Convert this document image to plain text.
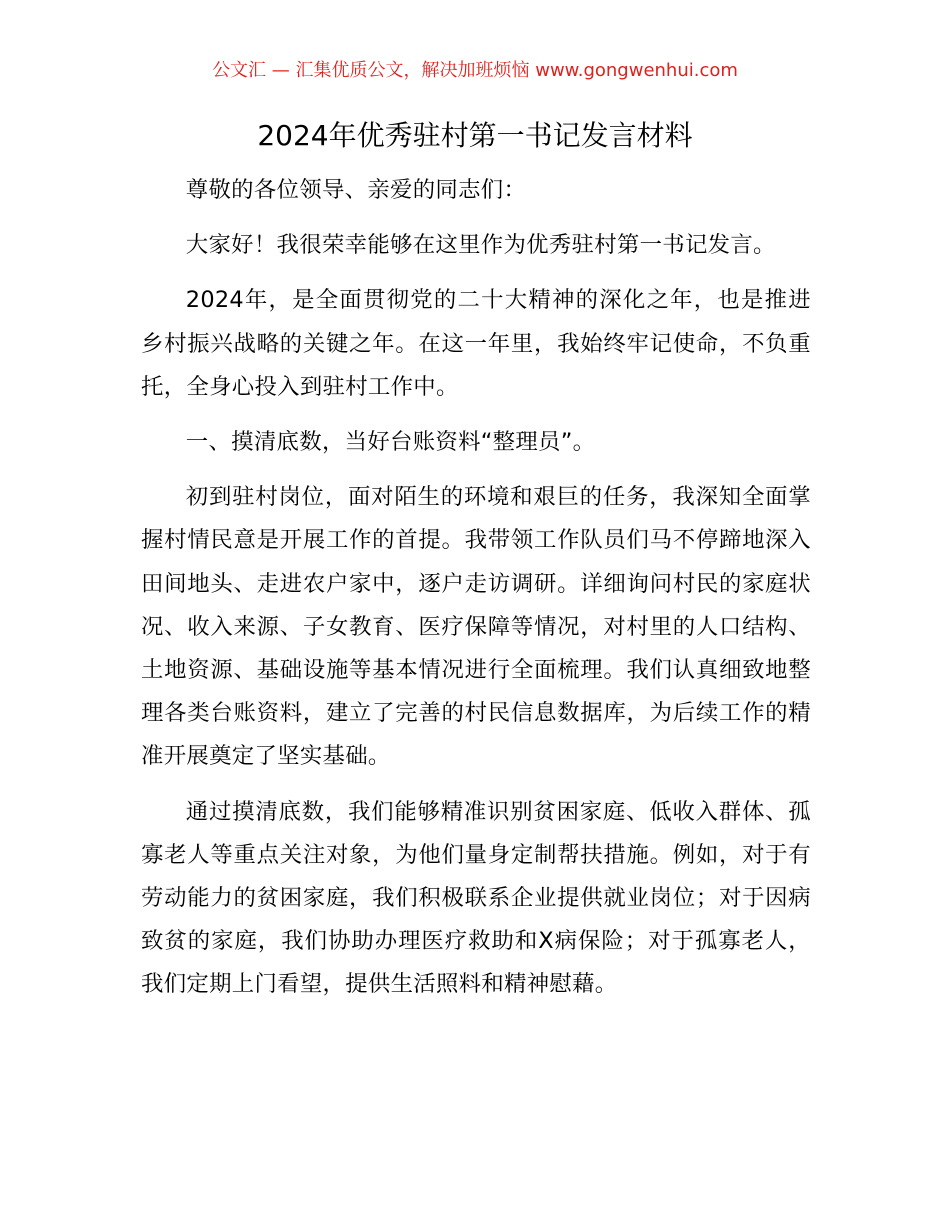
公文汇 — 汇集优质公文，解决加班烦恼 www.gongwenhui.com
2024年优秀驻村第一书记发言材料

尊敬的各位领导、亲爱的同志们：

大家好！我很荣幸能够在这里作为优秀驻村第一书记发言。

2024年，是全面贯彻党的二十大精神的深化之年，也是推进乡村振兴战略的关键之年。在这一年里，我始终牢记使命，不负重托，全身心投入到驻村工作中。

一、摸清底数，当好台账资料“整理员”。

初到驻村岗位，面对陌生的环境和艰巨的任务，我深知全面掌握村情民意是开展工作的首提。我带领工作队员们马不停蹄地深入田间地头、走进农户家中，逐户走访调研。详细询问村民的家庭状况、收入来源、子女教育、医疗保障等情况，对村里的人口结构、土地资源、基础设施等基本情况进行全面梳理。我们认真细致地整理各类台账资料，建立了完善的村民信息数据库，为后续工作的精准开展奠定了坚实基础。

通过摸清底数，我们能够精准识别贫困家庭、低收入群体、孤寡老人等重点关注对象，为他们量身定制帮扶措施。例如，对于有劳动能力的贫困家庭，我们积极联系企业提供就业岗位；对于因病致贫的家庭，我们协助办理医疗救助和X病保险；对于孤寡老人，我们定期上门看望，提供生活照料和精神慰藉。
